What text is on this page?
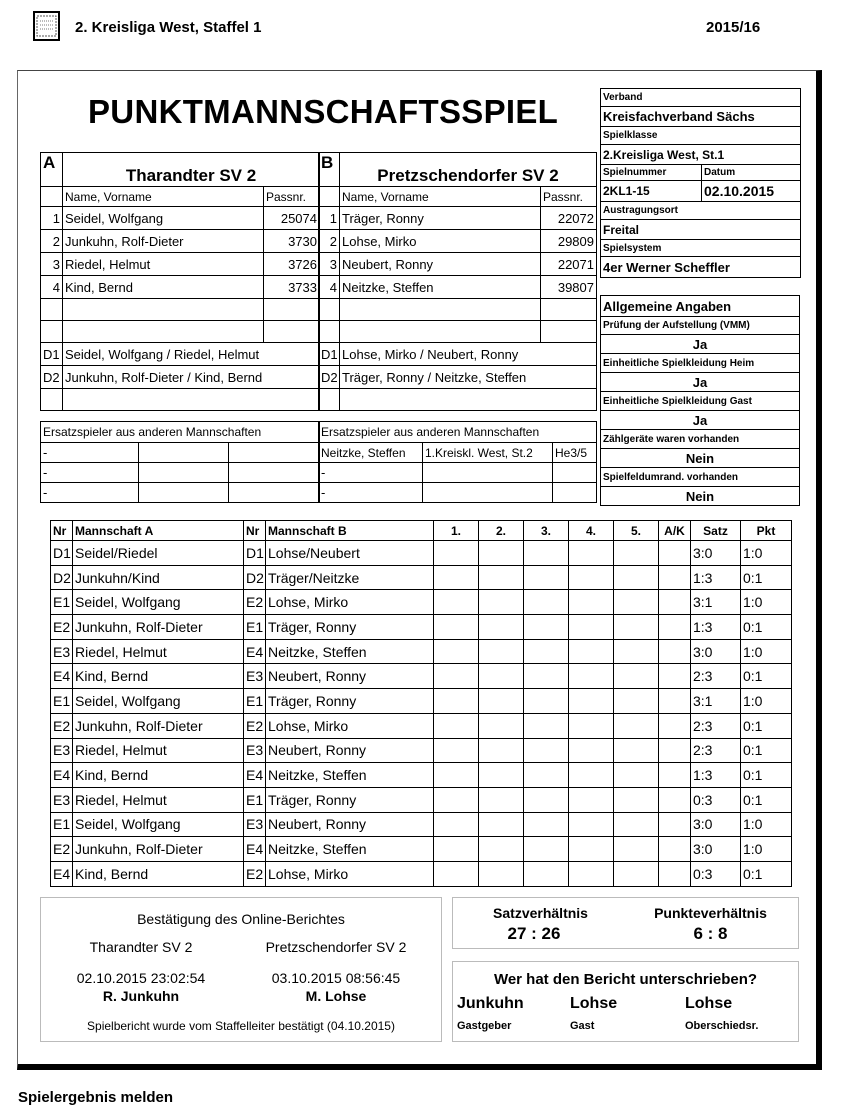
2. Kreisliga West, Staffel 1	2015/16
PUNKTMANNSCHAFTSSPIEL	Verband	
Kreisfachverband Sächs	
Spielklasse	
2.Kreisliga West, St.1	
Spielnummer	Datum
2KL1-15	02.10.2015
Austragungsort	
Freital	
Spielsystem	
4er Werner Scheffler	
Allgemeine Angaben
Prüfung der Aufstellung (VMM)
Ja
Einheitliche Spielkleidung Heim
Ja
Einheitliche Spielkleidung Gast
Ja
Zählgeräte waren vorhanden
Nein
Spielfeldumrand. vorhanden
Nein
A	Tharandter SV 2	
	Name, Vorname	Passnr.
1	Seidel, Wolfgang	25074
2	Junkuhn, Rolf-Dieter	3730
3	Riedel, Helmut	3726
4	Kind, Bernd	3733

D1	Seidel, Wolfgang / Riedel, Helmut	
D2	Junkuhn, Rolf-Dieter / Kind, Bernd	

B	Pretzschendorfer SV 2	
	Name, Vorname	Passnr.
1	Träger, Ronny	22072
2	Lohse, Mirko	29809
3	Neubert, Ronny	22071
4	Neitzke, Steffen	39807

D1	Lohse, Mirko / Neubert, Ronny	
D2	Träger, Ronny / Neitzke, Steffen	

Ersatzspieler aus anderen Mannschaften		
-		
-		
-		
Ersatzspieler aus anderen Mannschaften		
Neitzke, Steffen	1.Kreiskl. West, St.2	He3/5
-		
-		
Nr	Mannschaft A	Nr	Mannschaft B	1.	2.	3.	4.	5.	A/K	Satz	Pkt
D1	Seidel/Riedel	D1	Lohse/Neubert							3:0	1:0
D2	Junkuhn/Kind	D2	Träger/Neitzke							1:3	0:1
E1	Seidel, Wolfgang	E2	Lohse, Mirko							3:1	1:0
E2	Junkuhn, Rolf-Dieter	E1	Träger, Ronny							1:3	0:1
E3	Riedel, Helmut	E4	Neitzke, Steffen							3:0	1:0
E4	Kind, Bernd	E3	Neubert, Ronny							2:3	0:1
E1	Seidel, Wolfgang	E1	Träger, Ronny							3:1	1:0
E2	Junkuhn, Rolf-Dieter	E2	Lohse, Mirko							2:3	0:1
E3	Riedel, Helmut	E3	Neubert, Ronny							2:3	0:1
E4	Kind, Bernd	E4	Neitzke, Steffen							1:3	0:1
E3	Riedel, Helmut	E1	Träger, Ronny							0:3	0:1
E1	Seidel, Wolfgang	E3	Neubert, Ronny							3:0	1:0
E2	Junkuhn, Rolf-Dieter	E4	Neitzke, Steffen							3:0	1:0
E4	Kind, Bernd	E2	Lohse, Mirko							0:3	0:1
Bestätigung des Online-Berichtes
Tharandter SV 2	Pretzschendorfer SV 2
02.10.2015 23:02:54	03.10.2015 08:56:45
R. Junkuhn	M. Lohse
Spielbericht wurde vom Staffelleiter bestätigt (04.10.2015)
Satzverhältnis
27 : 26
Punkteverhältnis
6 : 8
Wer hat den Bericht unterschrieben?
Junkuhn	Lohse	Lohse
Gastgeber	Gast	Oberschiedsr.
Spielergebnis melden
